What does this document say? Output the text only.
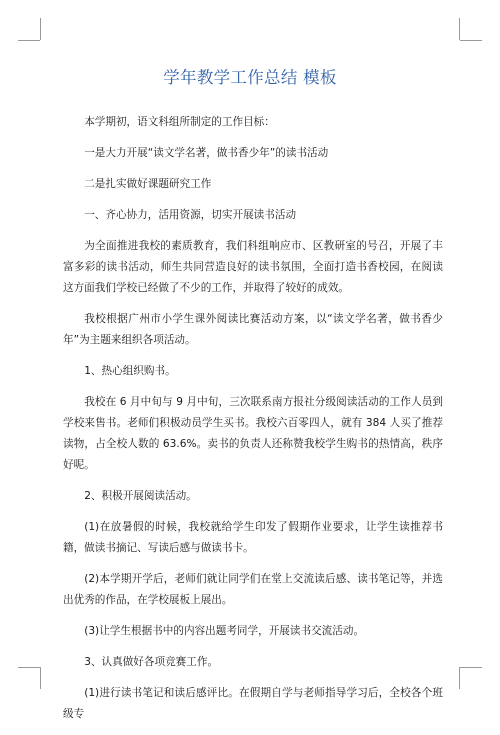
学年教学工作总结 模板

本学期初，语文科组所制定的工作目标：

一是大力开展“读文学名著，做书香少年”的读书活动

二是扎实做好课题研究工作

一、齐心协力，活用资源，切实开展读书活动

为全面推进我校的素质教育，我们科组响应市、区教研室的号召，开展了丰富多彩的读书活动，师生共同营造良好的读书氛围，全面打造书香校园，在阅读这方面我们学校已经做了不少的工作，并取得了较好的成效。

我校根据广州市小学生课外阅读比赛活动方案，以“读文学名著，做书香少年”为主题来组织各项活动。

1、热心组织购书。

我校在 6 月中旬与 9 月中旬，三次联系南方报社分级阅读活动的工作人员到学校来售书。老师们积极动员学生买书。我校六百零四人，就有 384 人买了推荐读物，占全校人数的 63.6%。卖书的负责人还称赞我校学生购书的热情高，秩序好呢。

2、积极开展阅读活动。

(1)在放暑假的时候，我校就给学生印发了假期作业要求，让学生读推荐书籍，做读书摘记、写读后感与做读书卡。

(2)本学期开学后，老师们就让同学们在堂上交流读后感、读书笔记等，并选出优秀的作品，在学校展板上展出。

(3)让学生根据书中的内容出题考同学，开展读书交流活动。

3、认真做好各项竞赛工作。

(1)进行读书笔记和读后感评比。在假期自学与老师指导学习后，全校各个班级专
